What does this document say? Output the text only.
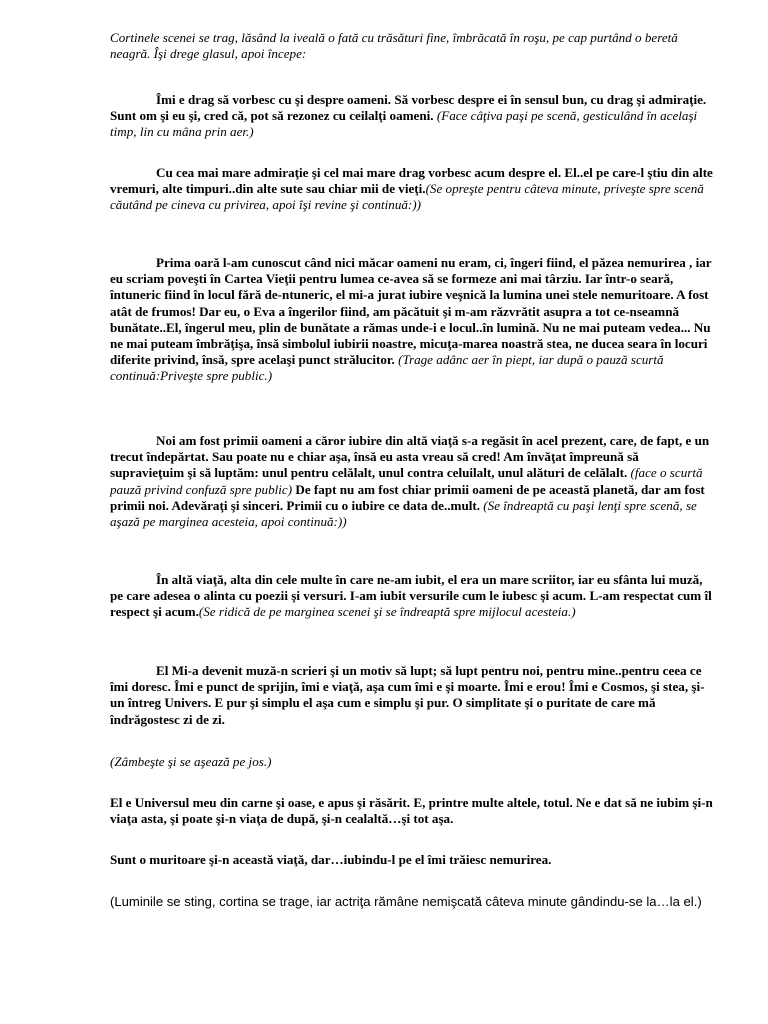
Cortinele scenei se trag, lăsând la iveală o fată cu trăsături fine, îmbrăcată în roşu, pe cap purtând o beretă neagră. Îşi drege glasul, apoi începe:

Îmi e drag să vorbesc cu şi despre oameni. Să vorbesc despre ei în sensul bun, cu drag şi admiraţie. Sunt om şi eu şi, cred că, pot să rezonez cu ceilalţi oameni. (Face câţiva paşi pe scenă, gesticulând în acelaşi timp, lin cu mâna prin aer.)

Cu cea mai mare admiraţie şi cel mai mare drag vorbesc acum despre el. El..el pe care-l ştiu din alte vremuri, alte timpuri..din alte sute sau chiar mii de vieţi.(Se opreşte pentru câteva minute, priveşte spre scenă căutând pe cineva cu privirea, apoi îşi revine şi continuă:))

Prima oară l-am cunoscut când nici măcar oameni nu eram, ci, îngeri fiind, el păzea nemurirea , iar eu scriam poveşti în Cartea Vieţii pentru lumea ce-avea să se formeze ani mai târziu. Iar într-o seară, întuneric fiind în locul fără de-ntuneric, el mi-a jurat iubire veşnică la lumina unei stele nemuritoare. A fost atât de frumos! Dar eu, o Eva a îngerilor fiind, am păcătuit şi m-am răzvrătit asupra a tot ce-nseamnă bunătate..El, îngerul meu, plin de bunătate a rămas unde-i e locul..în lumină. Nu ne mai puteam vedea... Nu ne mai puteam îmbrăţişa, însă simbolul iubirii noastre, micuţa-marea noastră stea, ne ducea seara în locuri diferite privind, însă, spre acelaşi punct strălucitor. (Trage adânc aer în piept, iar după o pauză scurtă continuă:Priveşte spre public.)

Noi am fost primii oameni a căror iubire din altă viaţă s-a regăsit în acel prezent, care, de fapt, e un trecut îndepărtat. Sau poate nu e chiar aşa, însă eu asta vreau să cred! Am învăţat împreună să supravieţuim şi să luptăm: unul pentru celălalt, unul contra celuilalt, unul alături de celălalt. (face o scurtă pauză privind confuză spre public) De fapt nu am fost chiar primii oameni de pe această planetă, dar am fost primii noi. Adevăraţi şi sinceri. Primii cu o iubire ce data de..mult. (Se îndreaptă cu paşi lenţi spre scenă, se aşază pe marginea acesteia, apoi continuă:))

În altă viaţă, alta din cele multe în care ne-am iubit, el era un mare scriitor, iar eu sfânta lui muză, pe care adesea o alinta cu poezii şi versuri. I-am iubit versurile cum le iubesc şi acum. L-am respectat cum îl respect şi acum.(Se ridică de pe marginea scenei şi se îndreaptă spre mijlocul acesteia.)

El Mi-a devenit muză-n scrieri şi un motiv să lupt; să lupt pentru noi, pentru mine..pentru ceea ce îmi doresc. Îmi e punct de sprijin, îmi e viaţă, aşa cum îmi e şi moarte. Îmi e erou! Îmi e Cosmos, şi stea, şi-un întreg Univers. E pur şi simplu el aşa cum e simplu şi pur. O simplitate şi o puritate de care mă îndrăgostesc zi de zi.

(Zâmbeşte şi se aşează pe jos.)

El e Universul meu din carne şi oase, e apus şi răsărit. E, printre multe altele, totul. Ne e dat să ne iubim şi-n viaţa asta, şi poate şi-n viaţa de după, şi-n cealaltă…şi tot aşa.

Sunt o muritoare şi-n această viaţă, dar…iubindu-l pe el îmi trăiesc nemurirea.

(Luminile se sting, cortina se trage, iar actriţa rămâne nemişcată câteva minute gândindu-se la…la el.)
